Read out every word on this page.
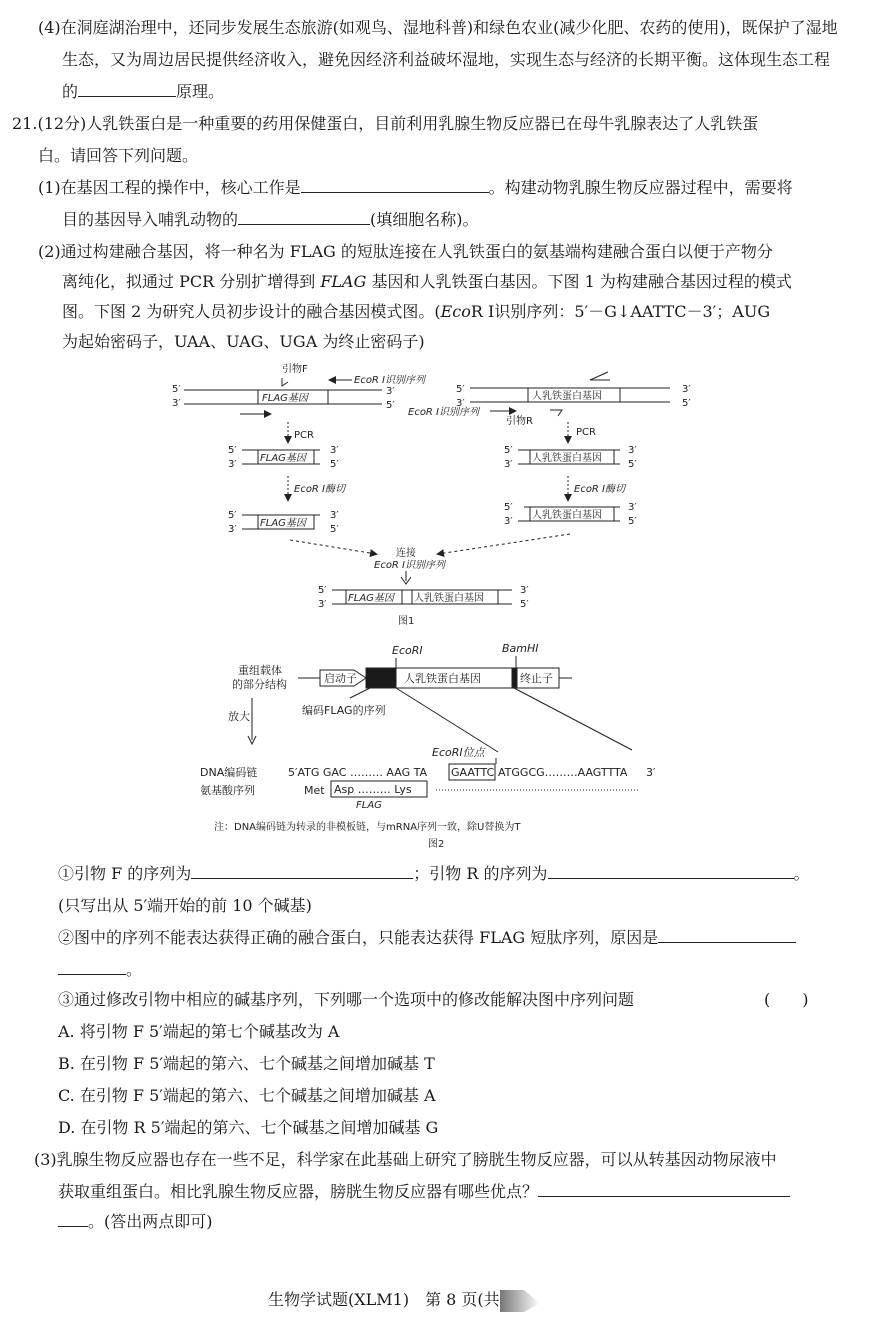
(4)在洞庭湖治理中，还同步发展生态旅游(如观鸟、湿地科普)和绿色农业(减少化肥、农药的使用)，既保护了湿地
生态，又为周边居民提供经济收入，避免因经济利益破坏湿地，实现生态与经济的长期平衡。这体现生态工程
的	原理。
21.(12分)人乳铁蛋白是一种重要的药用保健蛋白，目前利用乳腺生物反应器已在母牛乳腺表达了人乳铁蛋
白。请回答下列问题。
(1)在基因工程的操作中，核心工作是	。构建动物乳腺生物反应器过程中，需要将
目的基因导入哺乳动物的	(填细胞名称)。
(2)通过构建融合基因，将一种名为 FLAG 的短肽连接在人乳铁蛋白的氨基端构建融合蛋白以便于产物分
离纯化，拟通过 PCR 分别扩增得到 FLAG 基因和人乳铁蛋白基因。下图 1 为构建融合基因过程的模式
图。下图 2 为研究人员初步设计的融合基因模式图。(EcoR Ⅰ识别序列：5′－G↓AATTC－3′；AUG
为起始密码子，UAA、UAG、UGA 为终止密码子)
引物F
FLAG基因
5′
3′
3′
5′
EcoR Ⅰ识别序列
5′
3′
人乳铁蛋白基因
3′
5′
EcoR Ⅰ识别序列
引物R
PCR	PCR
5′
3′
FLAG基因
3′
5′
5′
3′
人乳铁蛋白基因
3′
5′
EcoR Ⅰ酶切	EcoR Ⅰ酶切
5′
3′
FLAG基因
3′
5′
5′
3′
人乳铁蛋白基因
3′
5′
连接
EcoR Ⅰ识别序列
5′
3′
FLAG基因 人乳铁蛋白基因
3′
5′
图1
EcoRⅠ	BamHⅠ
重组载体
的部分结构	启动子	人乳铁蛋白基因	终止子
编码FLAG的序列
放大
EcoRⅠ位点
DNA编码链	5′ATG GAC ……… AAG TA GAATTC ATGGCG………AAGTTTA 3′
氨基酸序列	Met Asp ……… Lys
FLAG
注：DNA编码链为转录的非模板链，与mRNA序列一致，除U替换为T
图2
①引物 F 的序列为	；引物 R 的序列为	。
(只写出从 5′端开始的前 10 个碱基)
②图中的序列不能表达获得正确的融合蛋白，只能表达获得 FLAG 短肽序列，原因是
。
③通过修改引物中相应的碱基序列，下列哪一个选项中的修改能解决图中序列问题	(　　)
A. 将引物 F 5′端起的第七个碱基改为 A
B. 在引物 F 5′端起的第六、七个碱基之间增加碱基 T
C. 在引物 F 5′端起的第六、七个碱基之间增加碱基 A
D. 在引物 R 5′端起的第六、七个碱基之间增加碱基 G
(3)乳腺生物反应器也存在一些不足，科学家在此基础上研究了膀胱生物反应器，可以从转基因动物尿液中
获取重组蛋白。相比乳腺生物反应器，膀胱生物反应器有哪些优点？
。(答出两点即可)
生物学试题(XLM1)　第 8 页(共
